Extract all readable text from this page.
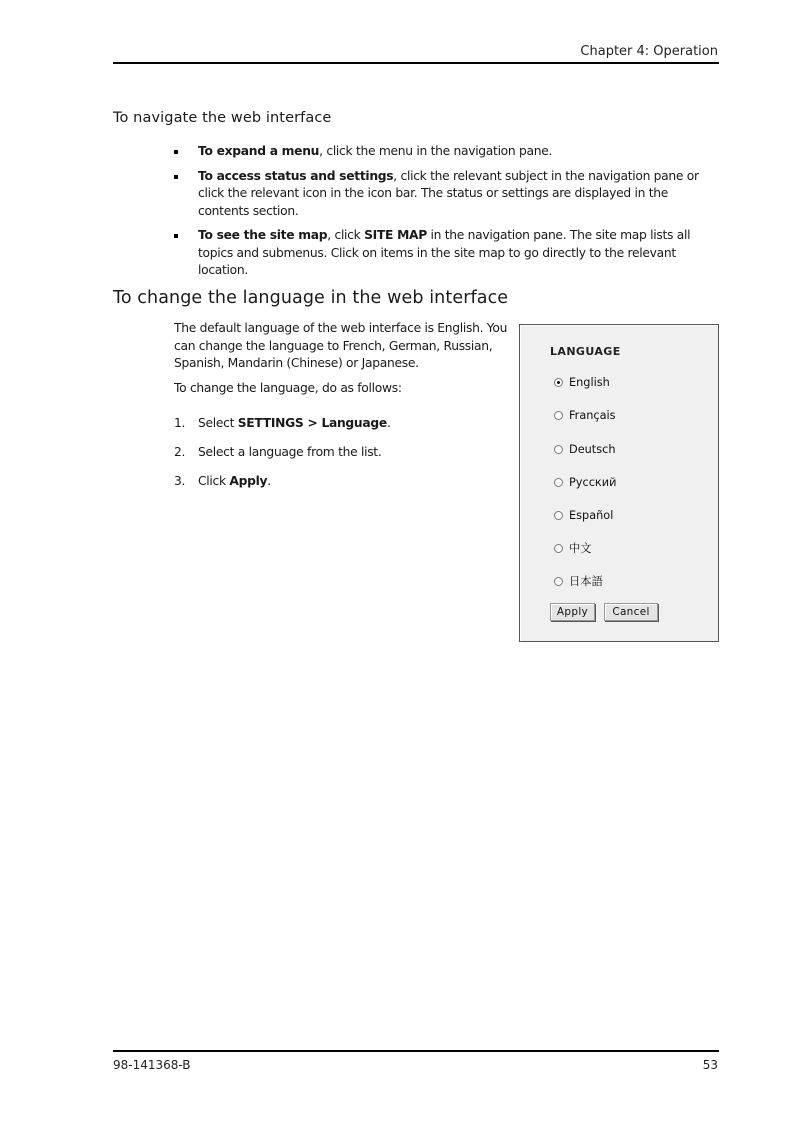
Chapter 4: Operation
To navigate the web interface
To expand a menu, click the menu in the navigation pane.
To access status and settings, click the relevant subject in the navigation pane or click the relevant icon in the icon bar. The status or settings are displayed in the contents section.
To see the site map, click SITE MAP in the navigation pane. The site map lists all topics and submenus. Click on items in the site map to go directly to the relevant location.
To change the language in the web interface

The default language of the web interface is English. You can change the language to French, German, Russian, Spanish, Mandarin (Chinese) or Japanese.

To change the language, do as follows:

1. Select SETTINGS > Language.
2. Select a language from the list.
3. Click Apply.
LANGUAGE
English
Français
Deutsch
Русский
Español
中文
日本語
Apply	Cancel
98-141368-B	53
